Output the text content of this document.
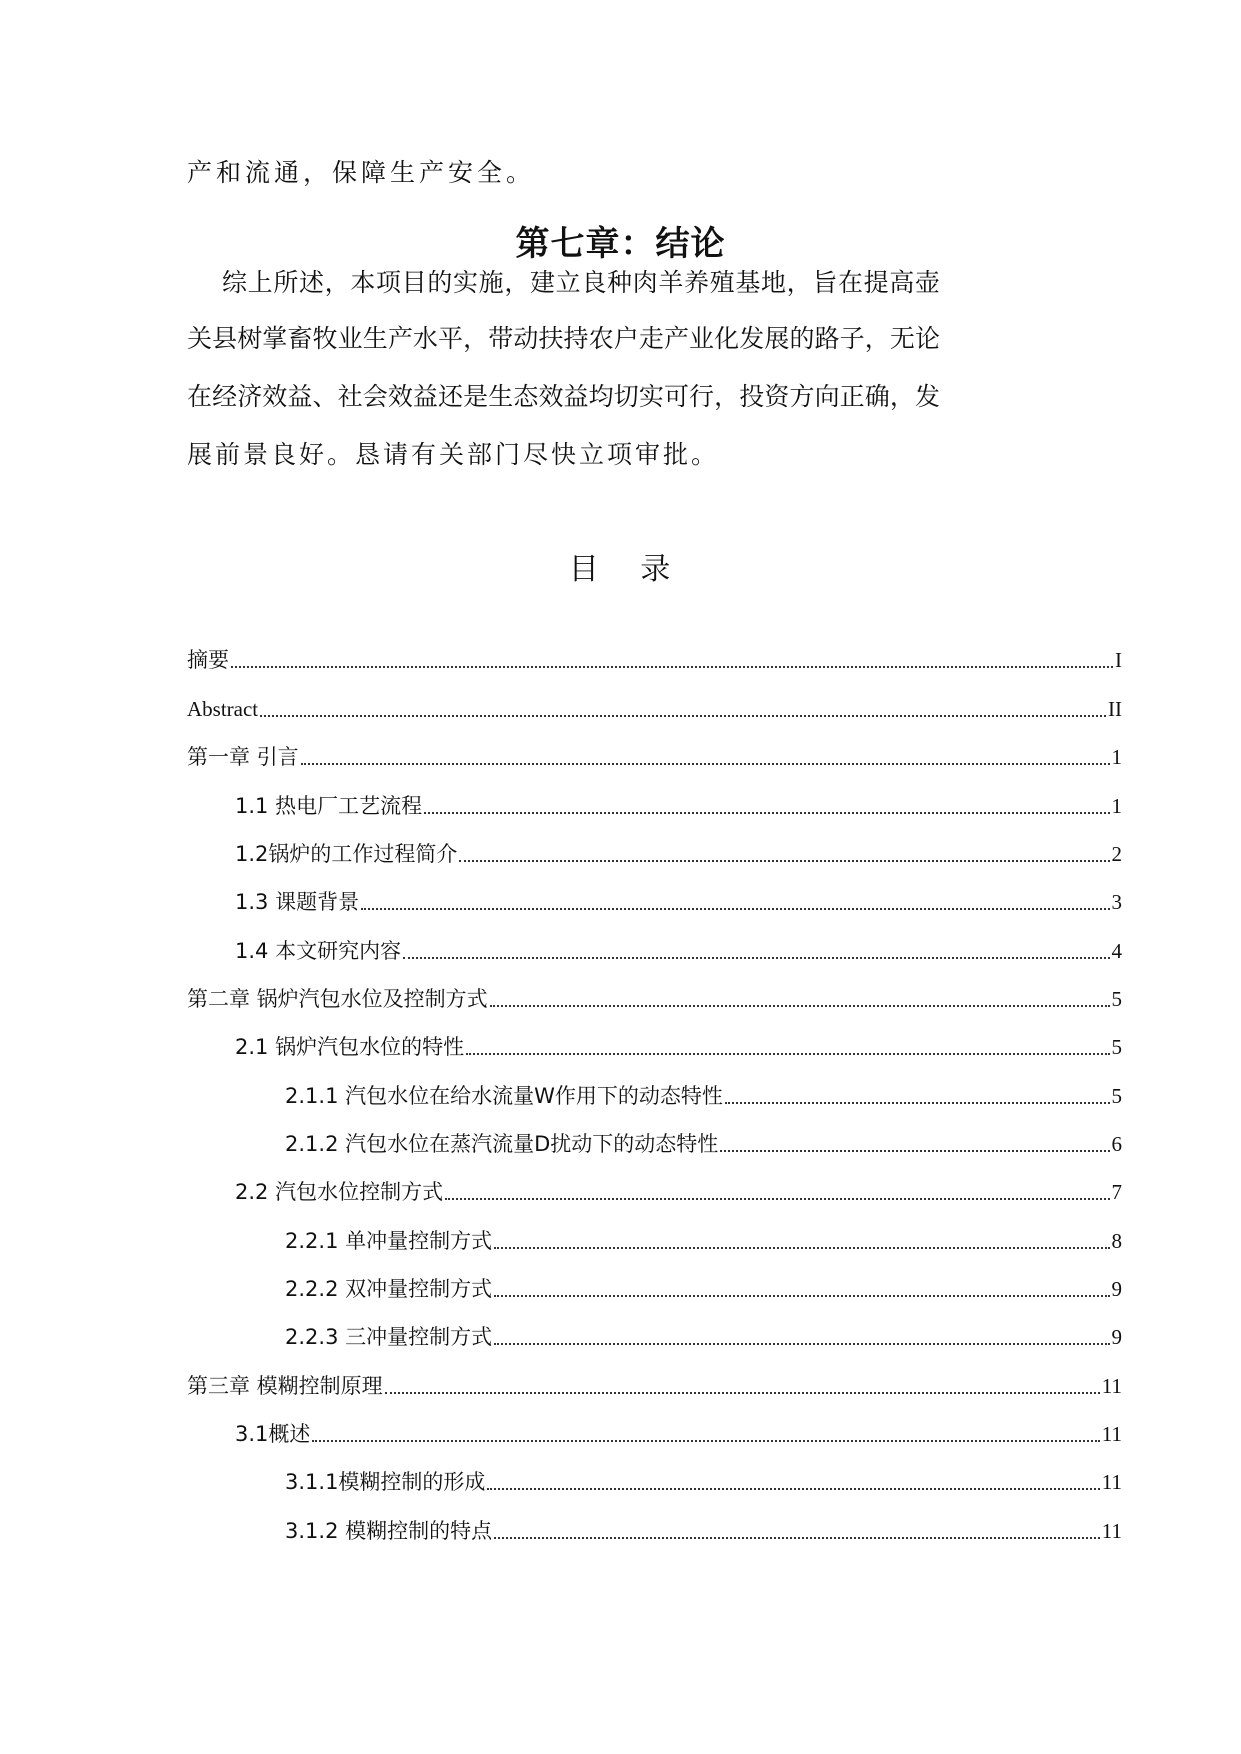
产和流通，保障生产安全。
第七章：结论
综上所述，本项目的实施，建立良种肉羊养殖基地，旨在提高壶
关县树掌畜牧业生产水平，带动扶持农户走产业化发展的路子，无论
在经济效益、社会效益还是生态效益均切实可行，投资方向正确，发
展前景良好。恳请有关部门尽快立项审批。
目 录
摘要	I
Abstract	II
第一章 引言	1
1.1 热电厂工艺流程	1
1.2锅炉的工作过程简介	2
1.3 课题背景	3
1.4 本文研究内容	4
第二章 锅炉汽包水位及控制方式	5
2.1 锅炉汽包水位的特性	5
2.1.1 汽包水位在给水流量W作用下的动态特性	5
2.1.2 汽包水位在蒸汽流量D扰动下的动态特性	6
2.2 汽包水位控制方式	7
2.2.1 单冲量控制方式	8
2.2.2 双冲量控制方式	9
2.2.3 三冲量控制方式	9
第三章 模糊控制原理	11
3.1概述	11
3.1.1模糊控制的形成	11
3.1.2 模糊控制的特点	11
